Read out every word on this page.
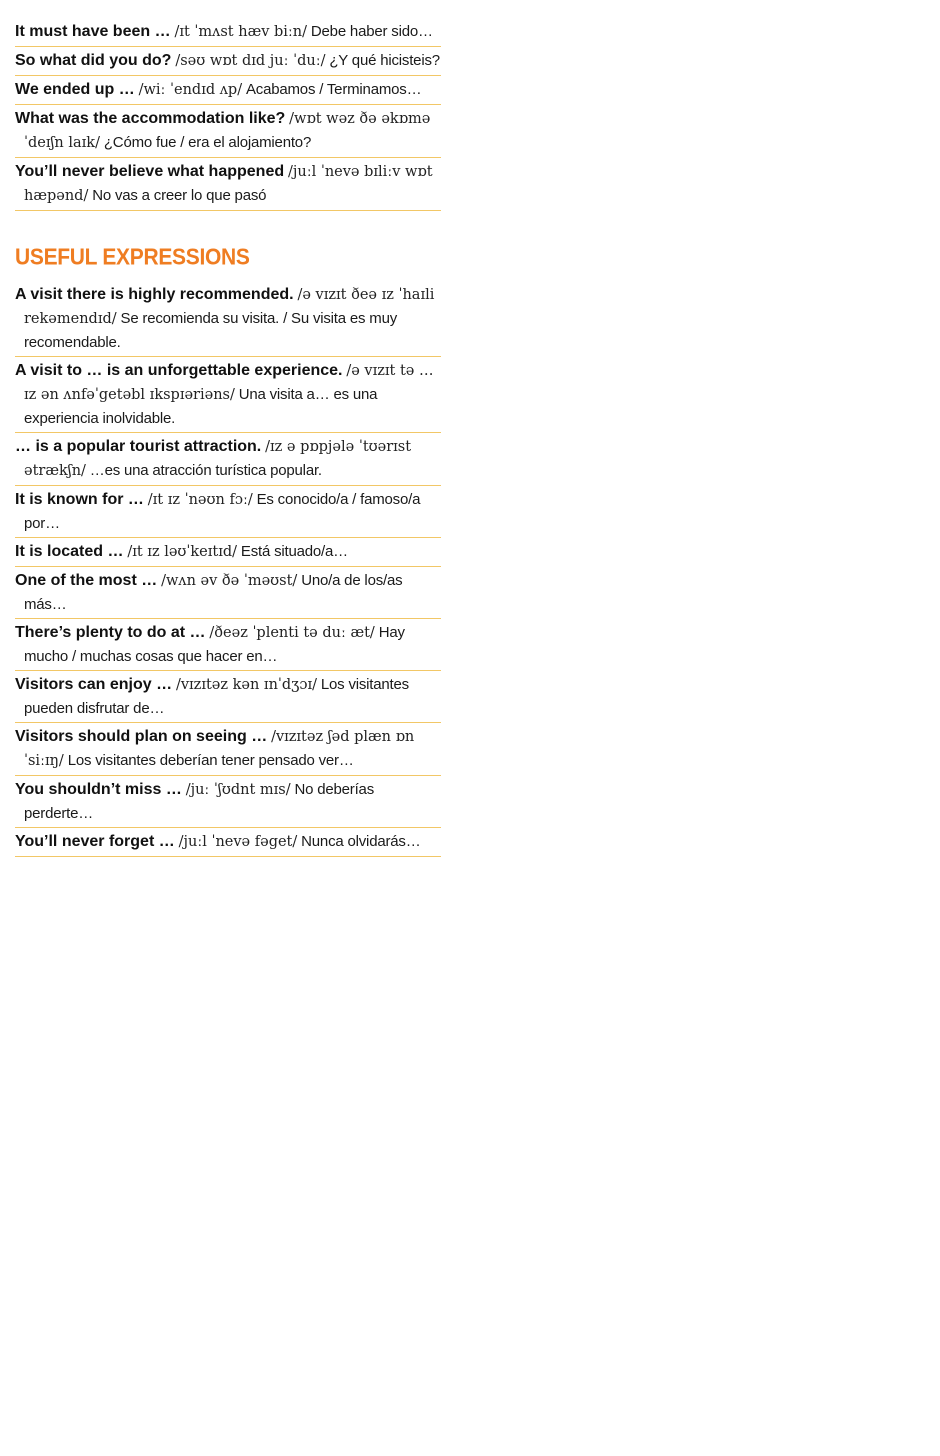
It must have been … /ɪt ˈmʌst hæv biːn/ Debe haber sido…
So what did you do? /səʊ wɒt dɪd juː ˈduː/ ¿Y qué hicisteis?
We ended up … /wiː ˈendɪd ʌp/ Acabamos / Terminamos…
What was the accommodation like? /wɒt wəz ðə əkɒməˈdeɪʃn laɪk/ ¿Cómo fue / era el alojamiento?
You’ll never believe what happened /juːl ˈnevə bɪliːv wɒt hæpənd/ No vas a creer lo que pasó
USEFUL EXPRESSIONS
A visit there is highly recommended. /ə vɪzɪt ðeə ɪz ˈhaɪli rekəmendɪd/ Se recomienda su visita. / Su visita es muy recomendable.
A visit to … is an unforgettable experience. /ə vɪzɪt tə … ɪz ən ʌnfəˈgetəbl ɪkspɪəriəns/ Una visita a… es una experiencia inolvidable.
… is a popular tourist attraction. /ɪz ə pɒpjələ ˈtʊərɪst ətrækʃn/ …es una atracción turística popular.
It is known for … /ɪt ɪz ˈnəʊn fɔː/ Es conocido/a / famoso/a por…
It is located … /ɪt ɪz ləʊˈkeɪtɪd/ Está situado/a…
One of the most … /wʌn əv ðə ˈməʊst/ Uno/a de los/as más…
There’s plenty to do at … /ðeəz ˈplenti tə duː æt/ Hay mucho / muchas cosas que hacer en…
Visitors can enjoy … /vɪzɪtəz kən ɪnˈdʒɔɪ/ Los visitantes pueden disfrutar de…
Visitors should plan on seeing … /vɪzɪtəz ʃəd plæn ɒn ˈsiːɪŋ/ Los visitantes deberían tener pensado ver…
You shouldn’t miss … /juː ˈʃʊdnt mɪs/ No deberías perderte…
You’ll never forget … /juːl ˈnevə fəget/ Nunca olvidarás…
